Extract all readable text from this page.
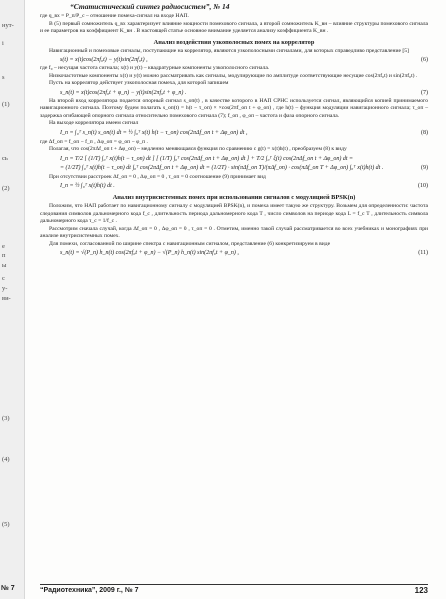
нут-
i
s
(1)
сь
(2)
e
п
ы
с
y-
ви-
(3)
(4)
(5)
№ 7
“Статистический синтез радиосистем”, № 14

где q_вх = P_п/P_c – отношение помеха-сигнал на входе НАП.

В (5) первый сомножитель q_вх характеризует влияние мощности помехового сигнала, а второй сомножитель K_вн – влияние структуры помехового сигнала и ее параметров на коэффициент K_вн . В настоящей статье основное внимание уделяется анализу коэффициента K_вн .

Анализ воздействия узкополосных помех на коррелятор

Навигационный и помеховые сигналы, поступающие на коррелятор, являются узкополосными сигналами, для которых справедливо представление [5]

s(t) = x(t)cos(2πf₀t) − y(t)sin(2πf₀t) ,	(6)

где f₀ – несущая частота сигнала; x(t) и y(t) – квадратурные компоненты узкополосного сигнала.

Низкочастотные компоненты x(t) и y(t) можно рассматривать как сигналы, модулирующие по амплитуде соответствующие несущие cos(2πf₀t) и sin(2πf₀t) .

Пусть на коррелятор действует узкополосная помеха, для которой запишем

s_п(t) = x(t)cos(2πf₀t + φ_п) − y(t)sin(2πf₀t + φ_п) .	(7)

На второй вход коррелятора подается опорный сигнал s_оп(t) , в качестве которого в НАП СРНС используется сигнал, являющийся копией принимаемого навигационного сигнала. Поэтому будем полагать s_оп(t) = h(t − τ_оп) × ×cos(2πf_оп t + φ_оп) , где h(t) – функция модуляции навигационного сигнала; τ_оп – задержка огибающей опорного сигнала относительно помехового сигнала (7); f_оп , φ_оп – частота и фаза опорного сигнала.

На выходе коррелятора имеем сигнал

I_п = ∫₀ᵀ s_п(t) s_оп(t) dt = ½ ∫₀ᵀ x(t) h(t − τ_оп) cos(2πΔf_оп t + Δφ_оп) dt ,	(8)

где Δf_оп = f_оп − f_п , Δφ_оп = φ_оп − φ_п .

Полагая, что cos(2πΔf_оп t + Δφ_оп) – медленно меняющаяся функция по сравнению с g(t) = x(t)h(t) , преобразуем (8) к виду

I_п = T/2 [ (1/T) ∫₀ᵀ x(t)h(t − τ_оп) dt ] [ (1/T) ∫₀ᵀ cos(2πΔf_оп t + Δφ_оп) dt ] + T/2 ∫₀ᵀ ξ(t) cos(2πΔf_оп t + Δφ_оп) dt =
= (1/2T) ∫₀ᵀ x(t)h(t − τ_оп) dt ∫₀ᵀ cos(2πΔf_оп t + Δφ_оп) dt = (1/2T) · sin(πΔf_оп T)/(πΔf_оп) · cos(πΔf_оп T + Δφ_оп) ∫₀ᵀ x(t)h(t) dt .	(9)

При отсутствии расстроек Δf_оп = 0 , Δφ_оп = 0 , τ_оп = 0 соотношение (9) принимает вид

I_п = ½ ∫₀ᵀ x(t)h(t) dt .	(10)
Анализ внутрисистемных помех при использовании сигналов с модуляцией BPSK(n)

Положим, что НАП работает по навигационному сигналу с модуляцией BPSK(n), и помеха имеет такую же структуру. Возьмем для определенности: частота следования символов дальномерного кода f_с , длительность периода дальномерного кода T , число символов на периоде кода L = f_с T , длительность символа дальномерного кода τ_с = 1/f_с .

Рассмотрим сначала случай, когда Δf_оп = 0 , Δφ_оп = 0 , τ_оп = 0 . Отметим, именно такой случай рассматривается во всех учебниках и монографиях при анализе внутрисистемных помех.

Для помехи, согласованной по ширине спектра с навигационным сигналом, представление (6) конкретизируем в виде

s_п(t) = √(P_п) h_п(t) cos(2πf₀t + φ_п) − √(P_п) h_п(t) sin(2πf₀t + φ_п) ,	(11)
“Радиотехника”, 2009 г., № 7	123
